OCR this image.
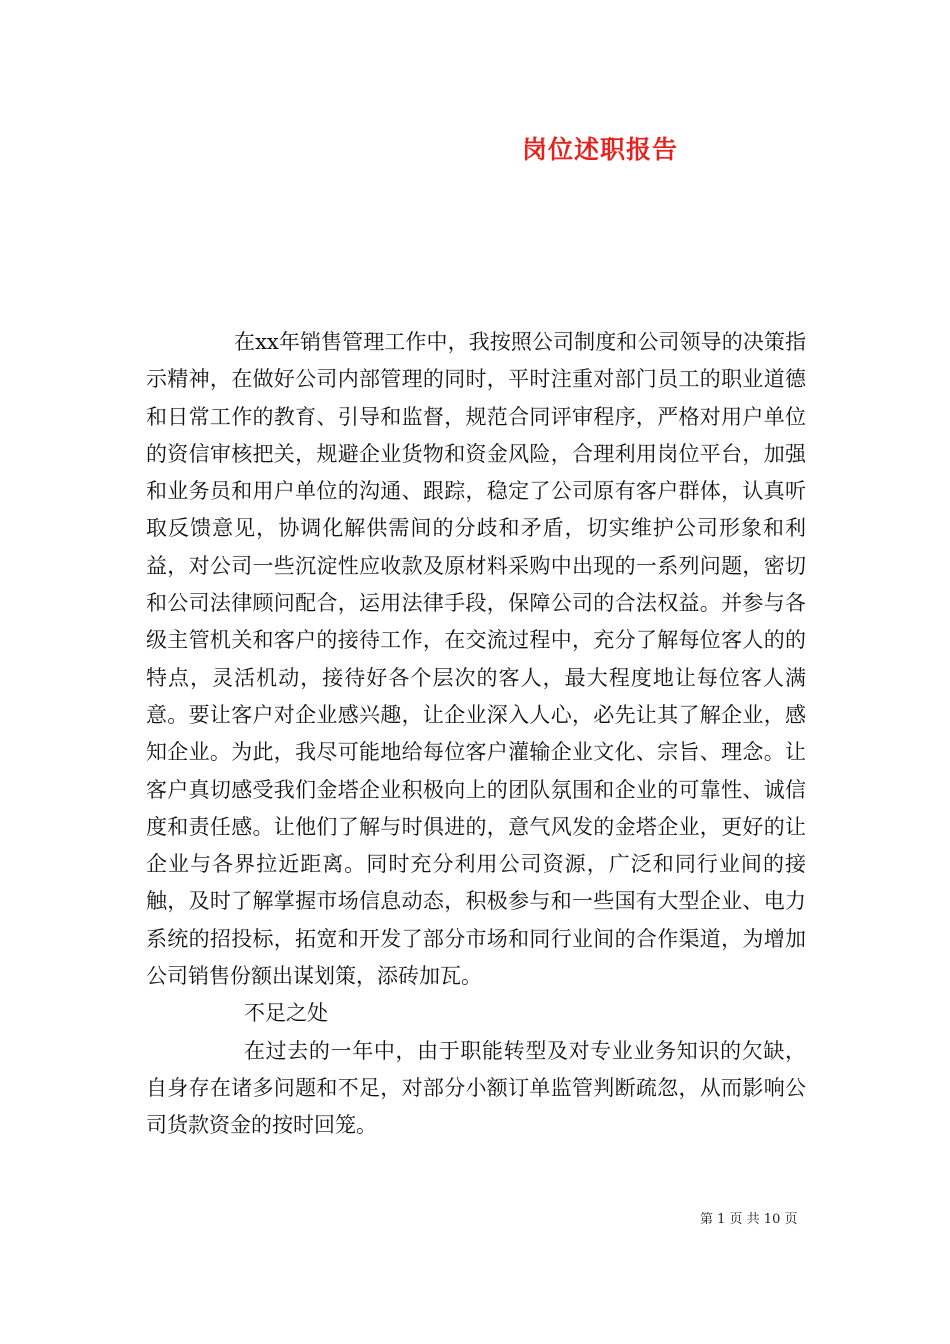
岗位述职报告

在xx年销售管理工作中，我按照公司制度和公司领导的决策指示精神，在做好公司内部管理的同时，平时注重对部门员工的职业道德和日常工作的教育、引导和监督，规范合同评审程序，严格对用户单位的资信审核把关，规避企业货物和资金风险，合理利用岗位平台，加强和业务员和用户单位的沟通、跟踪，稳定了公司原有客户群体，认真听取反馈意见，协调化解供需间的分歧和矛盾，切实维护公司形象和利益，对公司一些沉淀性应收款及原材料采购中出现的一系列问题，密切和公司法律顾问配合，运用法律手段，保障公司的合法权益。并参与各级主管机关和客户的接待工作，在交流过程中，充分了解每位客人的的特点，灵活机动，接待好各个层次的客人，最大程度地让每位客人满意。要让客户对企业感兴趣，让企业深入人心，必先让其了解企业，感知企业。为此，我尽可能地给每位客户灌输企业文化、宗旨、理念。让客户真切感受我们金塔企业积极向上的团队氛围和企业的可靠性、诚信度和责任感。让他们了解与时俱进的，意气风发的金塔企业，更好的让企业与各界拉近距离。同时充分利用公司资源，广泛和同行业间的接触，及时了解掌握市场信息动态，积极参与和一些国有大型企业、电力系统的招投标，拓宽和开发了部分市场和同行业间的合作渠道，为增加公司销售份额出谋划策，添砖加瓦。

不足之处

在过去的一年中，由于职能转型及对专业业务知识的欠缺，自身存在诸多问题和不足，对部分小额订单监管判断疏忽，从而影响公司货款资金的按时回笼。

第 1 页 共 10 页
